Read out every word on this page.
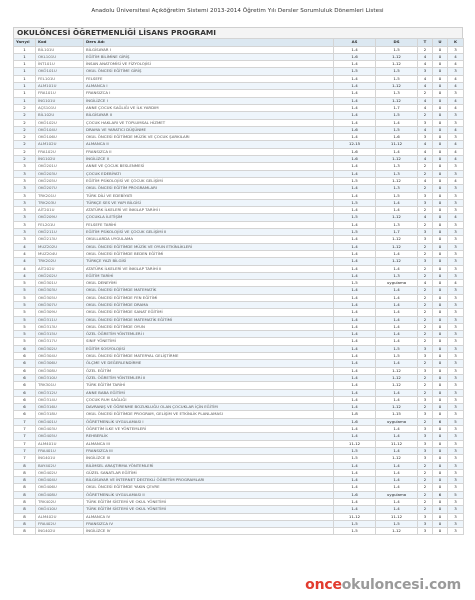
Anadolu Üniversitesi Açıköğretim Sistemi 2013-2014 Öğretim Yılı Dersler Sorumluluk Dönemleri Listesi
OKULÖNCESİ ÖĞRETMENLİĞİ LİSANS PROGRAMI
Yarıyıl	Kod	Ders Adı	AS	DS	T	U	K
1	BİL101U	BİLGİSAYAR I	1-4	1-5	2	0	3
1	OKL101U	EĞİTİM BİLİMİNE GİRİŞ	1-6	1-12	4	0	4
1	İNT101U	İNSAN ANATOMİSİ VE FİZYOLOJİSİ	1-4	1-12	4	0	4
1	OKÖ101U	OKUL ÖNCESİ EĞİTİME GİRİŞ	1-5	1-5	3	0	3
1	FEL101U	FELSEFE	1-4	1-5	4	0	4
1	ALM101U	ALMANCA I	1-4	1-12	4	0	4
1	FRA101U	FRANSIZCA I	1-4	1-3	2	0	3
1	İNG101U	İNGİLİZCE I	1-4	1-12	4	0	4
2	AÇS101U	ANNE ÇOCUK SAĞLIĞI VE İLK YARDIM	1-4	1-7	4	0	4
2	BİL102U	BİLGİSAYAR II	1-4	1-5	2	0	3
2	OKÖ102U	ÇOCUK HAKLARI VE TOPLUMSAL HİZMET	1-4	1-4	3	0	3
2	OKÖ104U	DRAMA VE YARATICI DÜŞÜNME	1-6	1-5	4	0	4
2	OKÖ106U	OKUL ÖNCESİ EĞİTİMDE MÜZİK VE ÇOCUK ŞARKILARI	1-4	1-6	3	0	3
2	ALM102U	ALMANCA II	12-15	11-12	4	0	4
2	FRA102U	FRANSIZCA II	1-6	1-4	4	0	4
2	İNG102U	İNGİLİZCE II	1-6	1-12	4	0	4
3	OKÖ201U	ANNE VE ÇOCUK BESLENMESİ	1-4	1-3	2	0	3
3	OKÖ203U	ÇOCUK EDEBİYATI	1-4	1-3	2	0	3
3	OKÖ205U	EĞİTİM PSİKOLOJİSİ VE ÇOCUK GELİŞİMİ	1-5	1-12	4	0	4
3	OKÖ207U	OKUL ÖNCESİ EĞİTİM PROGRAMLARI	1-4	1-3	2	0	3
3	TRK201U	TÜRK DİLİ VE EDEBİYATI	1-4	1-5	3	0	3
3	TRK203U	TÜRKÇE SES VE YAPI BİLGİSİ	1-5	1-4	3	0	3
3	AİT201U	ATATÜRK İLKELERİ VE İNKILAP TARİHİ I	1-4	1-4	2	0	3
3	OKÖ209U	ÇOCUKLA İLETİŞİM	1-5	1-12	4	0	4
3	FEL201U	FELSEFE TARİHİ	1-4	1-3	2	0	3
3	OKÖ211U	EĞİTİM PSİKOLOJİSİ VE ÇOCUK GELİŞİMİ II	1-5	1-7	3	0	3
3	OKÖ213U	OKULLARDA UYGULAMA	1-4	1-12	3	0	3
4	MUZ202U	OKUL ÖNCESİ EĞİTİMDE MÜZİK VE OYUN ETKİNLİKLERİ	1-4	1-12	2	0	3
4	MUZ204U	OKUL ÖNCESİ EĞİTİMDE BEDEN EĞİTİMİ	1-4	1-4	2	0	3
4	TRK202U	TÜRKÇE YAZI BİLGİSİ	1-4	1-12	3	0	3
4	AİT202U	ATATÜRK İLKELERİ VE İNKILAP TARİHİ II	1-4	1-4	2	0	3
4	OKÖ202U	EĞİTİM TARİHİ	1-4	1-3	2	0	3
5	OKÖ301U	OKUL DENEYİMİ	1-5	uygulama	4	0	4
5	OKÖ303U	OKUL ÖNCESİ EĞİTİMDE MATEMATİK	1-4	1-4	2	0	3
5	OKÖ305U	OKUL ÖNCESİ EĞİTİMDE FEN EĞİTİMİ	1-4	1-4	2	0	3
5	OKÖ307U	OKUL ÖNCESİ EĞİTİMDE DRAMA	1-4	1-4	2	0	3
5	OKÖ309U	OKUL ÖNCESİ EĞİTİMDE SANAT EĞİTİMİ	1-4	1-4	2	0	3
5	OKÖ311U	OKUL ÖNCESİ EĞİTİMDE MATEMATİK EĞİTİMİ	1-4	1-4	2	0	3
5	OKÖ313U	OKUL ÖNCESİ EĞİTİMDE OYUN	1-4	1-4	2	0	3
5	OKÖ315U	ÖZEL ÖĞRETİM YÖNTEMLERİ I	1-4	1-4	2	0	3
5	OKÖ317U	SINIF YÖNETİMİ	1-4	1-4	2	0	3
6	OKÖ302U	EĞİTİM SOSYOLOJİSİ	1-4	1-5	3	0	3
6	OKÖ304U	OKUL ÖNCESİ EĞİTİMDE MATERYAL GELİŞTİRME	1-4	1-5	3	0	3
6	OKÖ306U	ÖLÇME VE DEĞERLENDİRME	1-4	1-4	2	0	3
6	OKÖ308U	ÖZEL EĞİTİM	1-4	1-12	3	0	3
6	OKÖ310U	ÖZEL ÖĞRETİM YÖNTEMLERİ II	1-4	1-12	2	0	3
6	TRK301U	TÜRK EĞİTİM TARİHİ	1-4	1-12	2	0	3
6	OKÖ312U	ANNE BABA EĞİTİMİ	1-4	1-4	2	0	3
6	OKÖ314U	ÇOCUK RUH SAĞLIĞI	1-4	1-4	3	0	3
6	OKÖ316U	DAVRANIŞ VE ÖĞRENME BOZUKLUĞU OLAN ÇOCUKLAR İÇİN EĞİTİM	1-4	1-12	2	0	3
6	OKÖ318U	OKUL ÖNCESİ EĞİTİMDE PROGRAM, GELİŞİM VE ETKİNLİK PLANLAMASI	1-8	1-15	3	0	3
7	OKÖ401U	ÖĞRETMENLİK UYGULAMASI I	1-6	uygulama	2	6	5
7	OKÖ403U	ÖĞRETİM İLKE VE YÖNTEMLERİ	1-4	1-4	3	0	3
7	OKÖ405U	REHBERLİK	1-4	1-4	3	0	3
7	ALM401U	ALMANCA III	11-12	11-12	3	0	3
7	FRA401U	FRANSIZCA III	1-5	1-4	3	0	3
7	İNG401U	İNGİLİZCE III	1-5	1-12	3	0	3
8	BAY402U	BİLİMSEL ARAŞTIRMA YÖNTEMLERİ	1-4	1-4	2	0	3
8	OKÖ402U	GÜZEL SANATLAR EĞİTİMİ	1-4	1-4	2	0	3
8	OKÖ404U	BİLGİSAYAR VE İNTERNET DESTEKLİ ÖĞRETİM PROGRAMLARI	1-4	1-4	2	0	3
8	OKÖ406U	OKUL ÖNCESİ EĞİTİMDE YAKIN ÇEVRE	1-4	1-4	2	0	3
8	OKÖ408U	ÖĞRETMENLİK UYGULAMASI II	1-6	uygulama	2	6	5
8	TRK402U	TÜRK EĞİTİM SİSTEMİ VE OKUL YÖNETİMİ	1-4	1-4	2	0	3
8	OKÖ410U	TÜRK EĞİTİM SİSTEMİ VE OKUL YÖNETİMİ	1-4	1-4	2	0	3
8	ALM402U	ALMANCA IV	11-12	11-12	3	0	3
8	FRA402U	FRANSIZCA IV	1-5	1-5	3	0	3
8	İNG402U	İNGİLİZCE IV	1-5	1-12	3	0	3
onceokuloncesi.com
